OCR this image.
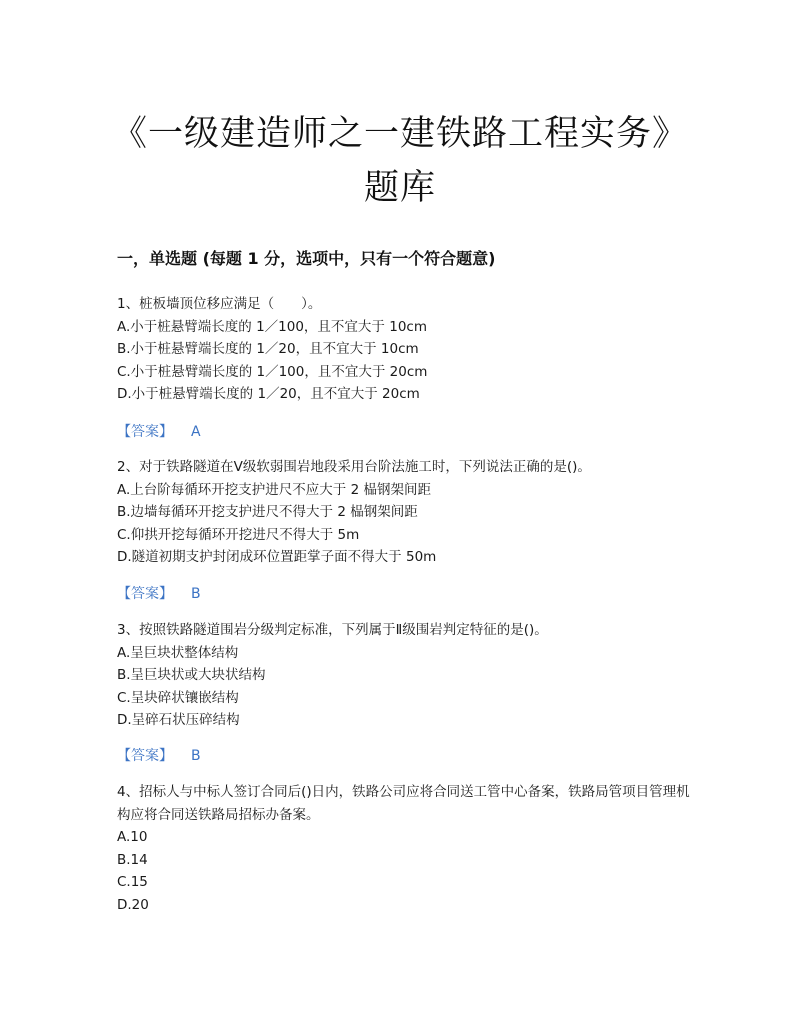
《一级建造师之一建铁路工程实务》
题库
一，单选题 (每题 1 分，选项中，只有一个符合题意)

1、桩板墙顶位移应满足（　　）。

A.小于桩悬臂端长度的 1／100，且不宜大于 10cm

B.小于桩悬臂端长度的 1／20，且不宜大于 10cm

C.小于桩悬臂端长度的 1／100，且不宜大于 20cm

D.小于桩悬臂端长度的 1／20，且不宜大于 20cm

【答案】 A

2、对于铁路隧道在Ⅴ级软弱围岩地段采用台阶法施工时，下列说法正确的是()。

A.上台阶每循环开挖支护进尺不应大于 2 榀钢架间距

B.边墙每循环开挖支护进尺不得大于 2 榀钢架间距

C.仰拱开挖每循环开挖进尺不得大于 5m

D.隧道初期支护封闭成环位置距掌子面不得大于 50m

【答案】 B

3、按照铁路隧道围岩分级判定标准，下列属于Ⅱ级围岩判定特征的是()。

A.呈巨块状整体结构

B.呈巨块状或大块状结构

C.呈块碎状镶嵌结构

D.呈碎石状压碎结构

【答案】 B

4、招标人与中标人签订合同后()日内，铁路公司应将合同送工管中心备案，铁路局管项目管理机构应将合同送铁路局招标办备案。

A.10

B.14

C.15

D.20
